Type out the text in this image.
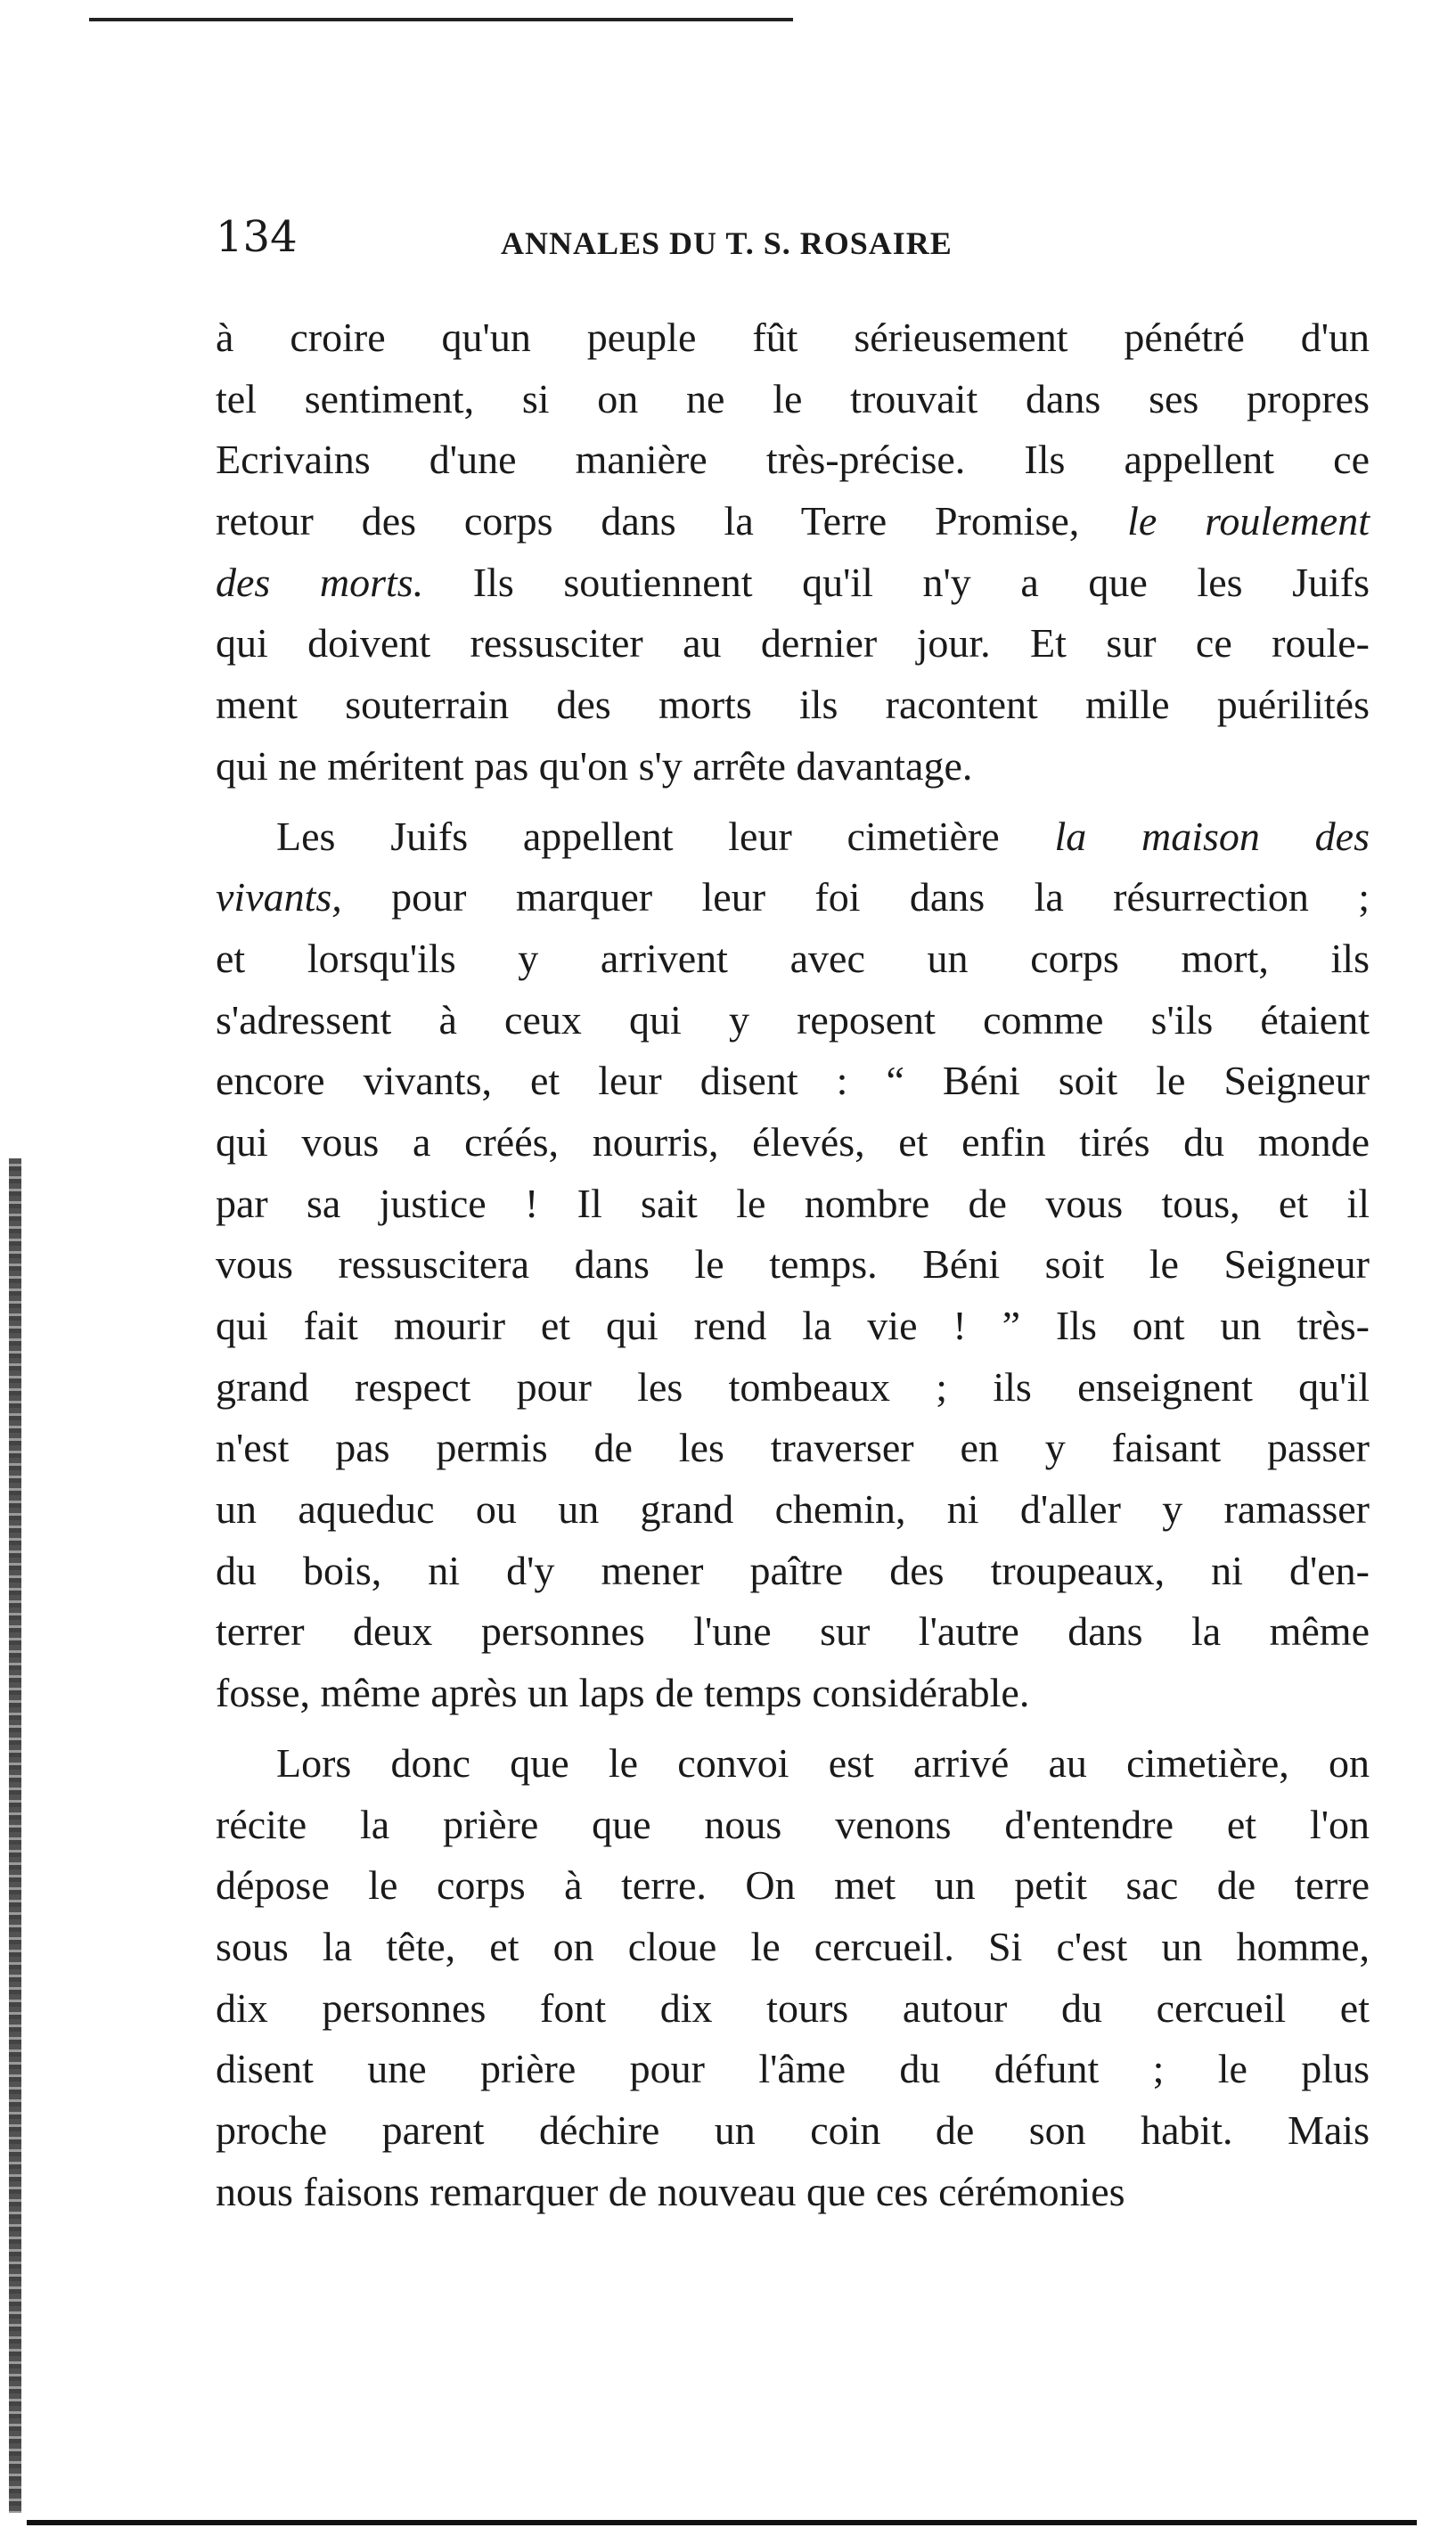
134	ANNALES DU T. S. ROSAIRE
à croire qu'un peuple fût sérieusement pénétré d'un
tel sentiment, si on ne le trouvait dans ses propres
Ecrivains d'une manière très-précise. Ils appellent ce
retour des corps dans la Terre Promise, le roulement
des morts. Ils soutiennent qu'il n'y a que les Juifs
qui doivent ressusciter au dernier jour. Et sur ce roule-
ment souterrain des morts ils racontent mille puérilités
qui ne méritent pas qu'on s'y arrête davantage.
Les Juifs appellent leur cimetière la maison des
vivants, pour marquer leur foi dans la résurrection ;
et lorsqu'ils y arrivent avec un corps mort, ils
s'adressent à ceux qui y reposent comme s'ils étaient
encore vivants, et leur disent : “ Béni soit le Seigneur
qui vous a créés, nourris, élevés, et enfin tirés du monde
par sa justice ! Il sait le nombre de vous tous, et il
vous ressuscitera dans le temps. Béni soit le Seigneur
qui fait mourir et qui rend la vie ! ” Ils ont un très-
grand respect pour les tombeaux ; ils enseignent qu'il
n'est pas permis de les traverser en y faisant passer
un aqueduc ou un grand chemin, ni d'aller y ramasser
du bois, ni d'y mener paître des troupeaux, ni d'en-
terrer deux personnes l'une sur l'autre dans la même
fosse, même après un laps de temps considérable.
Lors donc que le convoi est arrivé au cimetière, on
récite la prière que nous venons d'entendre et l'on
dépose le corps à terre. On met un petit sac de terre
sous la tête, et on cloue le cercueil. Si c'est un homme,
dix personnes font dix tours autour du cercueil et
disent une prière pour l'âme du défunt ; le plus
proche parent déchire un coin de son habit. Mais
nous faisons remarquer de nouveau que ces cérémonies
